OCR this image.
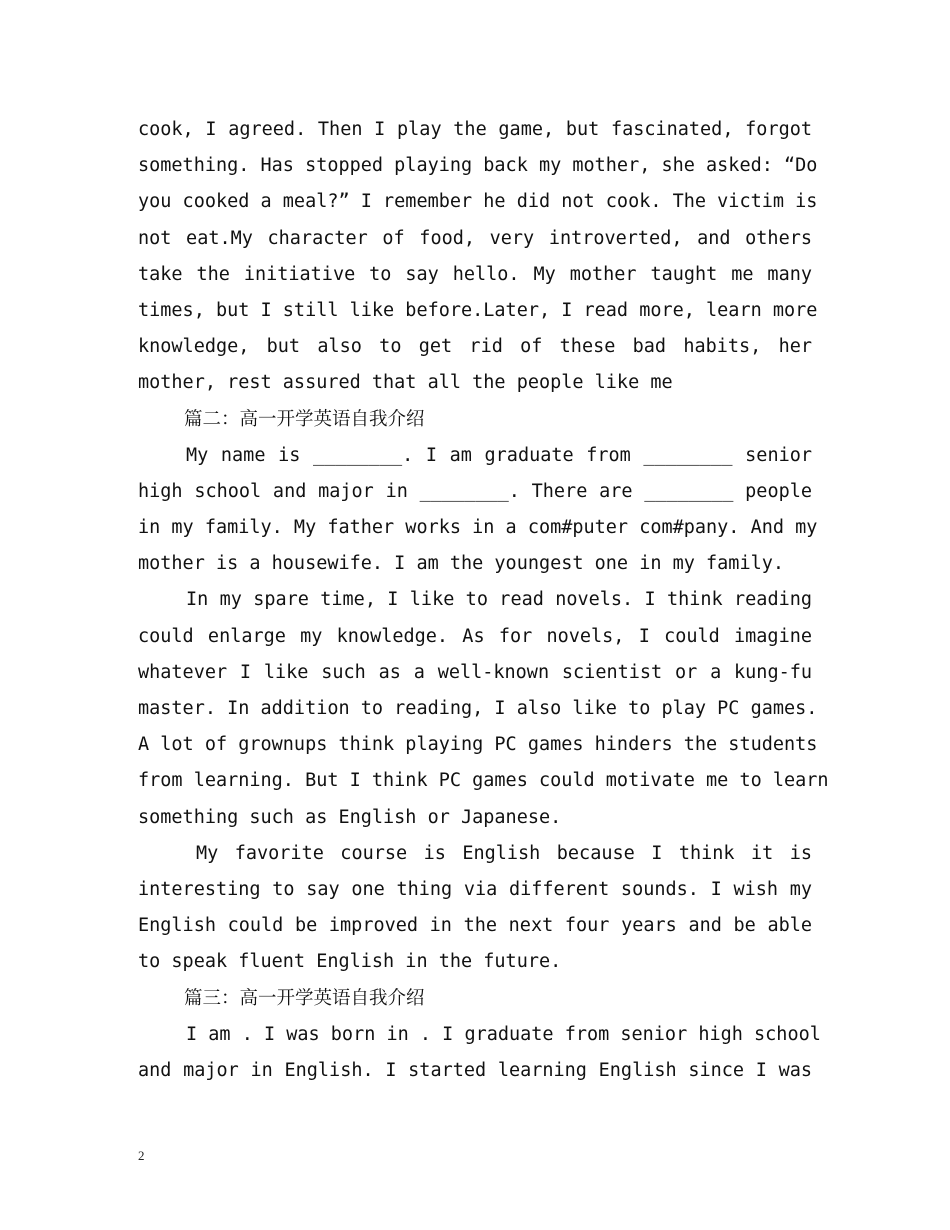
cook, I agreed. Then I play the game, but fascinated, forgot
something. Has stopped playing back my mother, she asked: “Do
you cooked a meal?” I remember he did not cook. The victim is
not eat.My character of food, very introverted, and others
take the initiative to say hello. My mother taught me many
times, but I still like before.Later, I read more, learn more
knowledge, but also to get rid of these bad habits, her
mother, rest assured that all the people like me
篇二：高一开学英语自我介绍
My name is ________. I am graduate from ________ senior
high school and major in ________. There are ________ people
in my family. My father works in a com#puter com#pany. And my
mother is a housewife. I am the youngest one in my family.
In my spare time, I like to read novels. I think reading
could enlarge my knowledge. As for novels, I could imagine
whatever I like such as a well-known scientist or a kung-fu
master. In addition to reading, I also like to play PC games.
A lot of grownups think playing PC games hinders the students
from learning. But I think PC games could motivate me to learn
something such as English or Japanese.
My favorite course is English because I think it is
interesting to say one thing via different sounds. I wish my
English could be improved in the next four years and be able
to speak fluent English in the future.
篇三：高一开学英语自我介绍
I am . I was born in . I graduate from senior high school
and major in English. I started learning English since I was
2
